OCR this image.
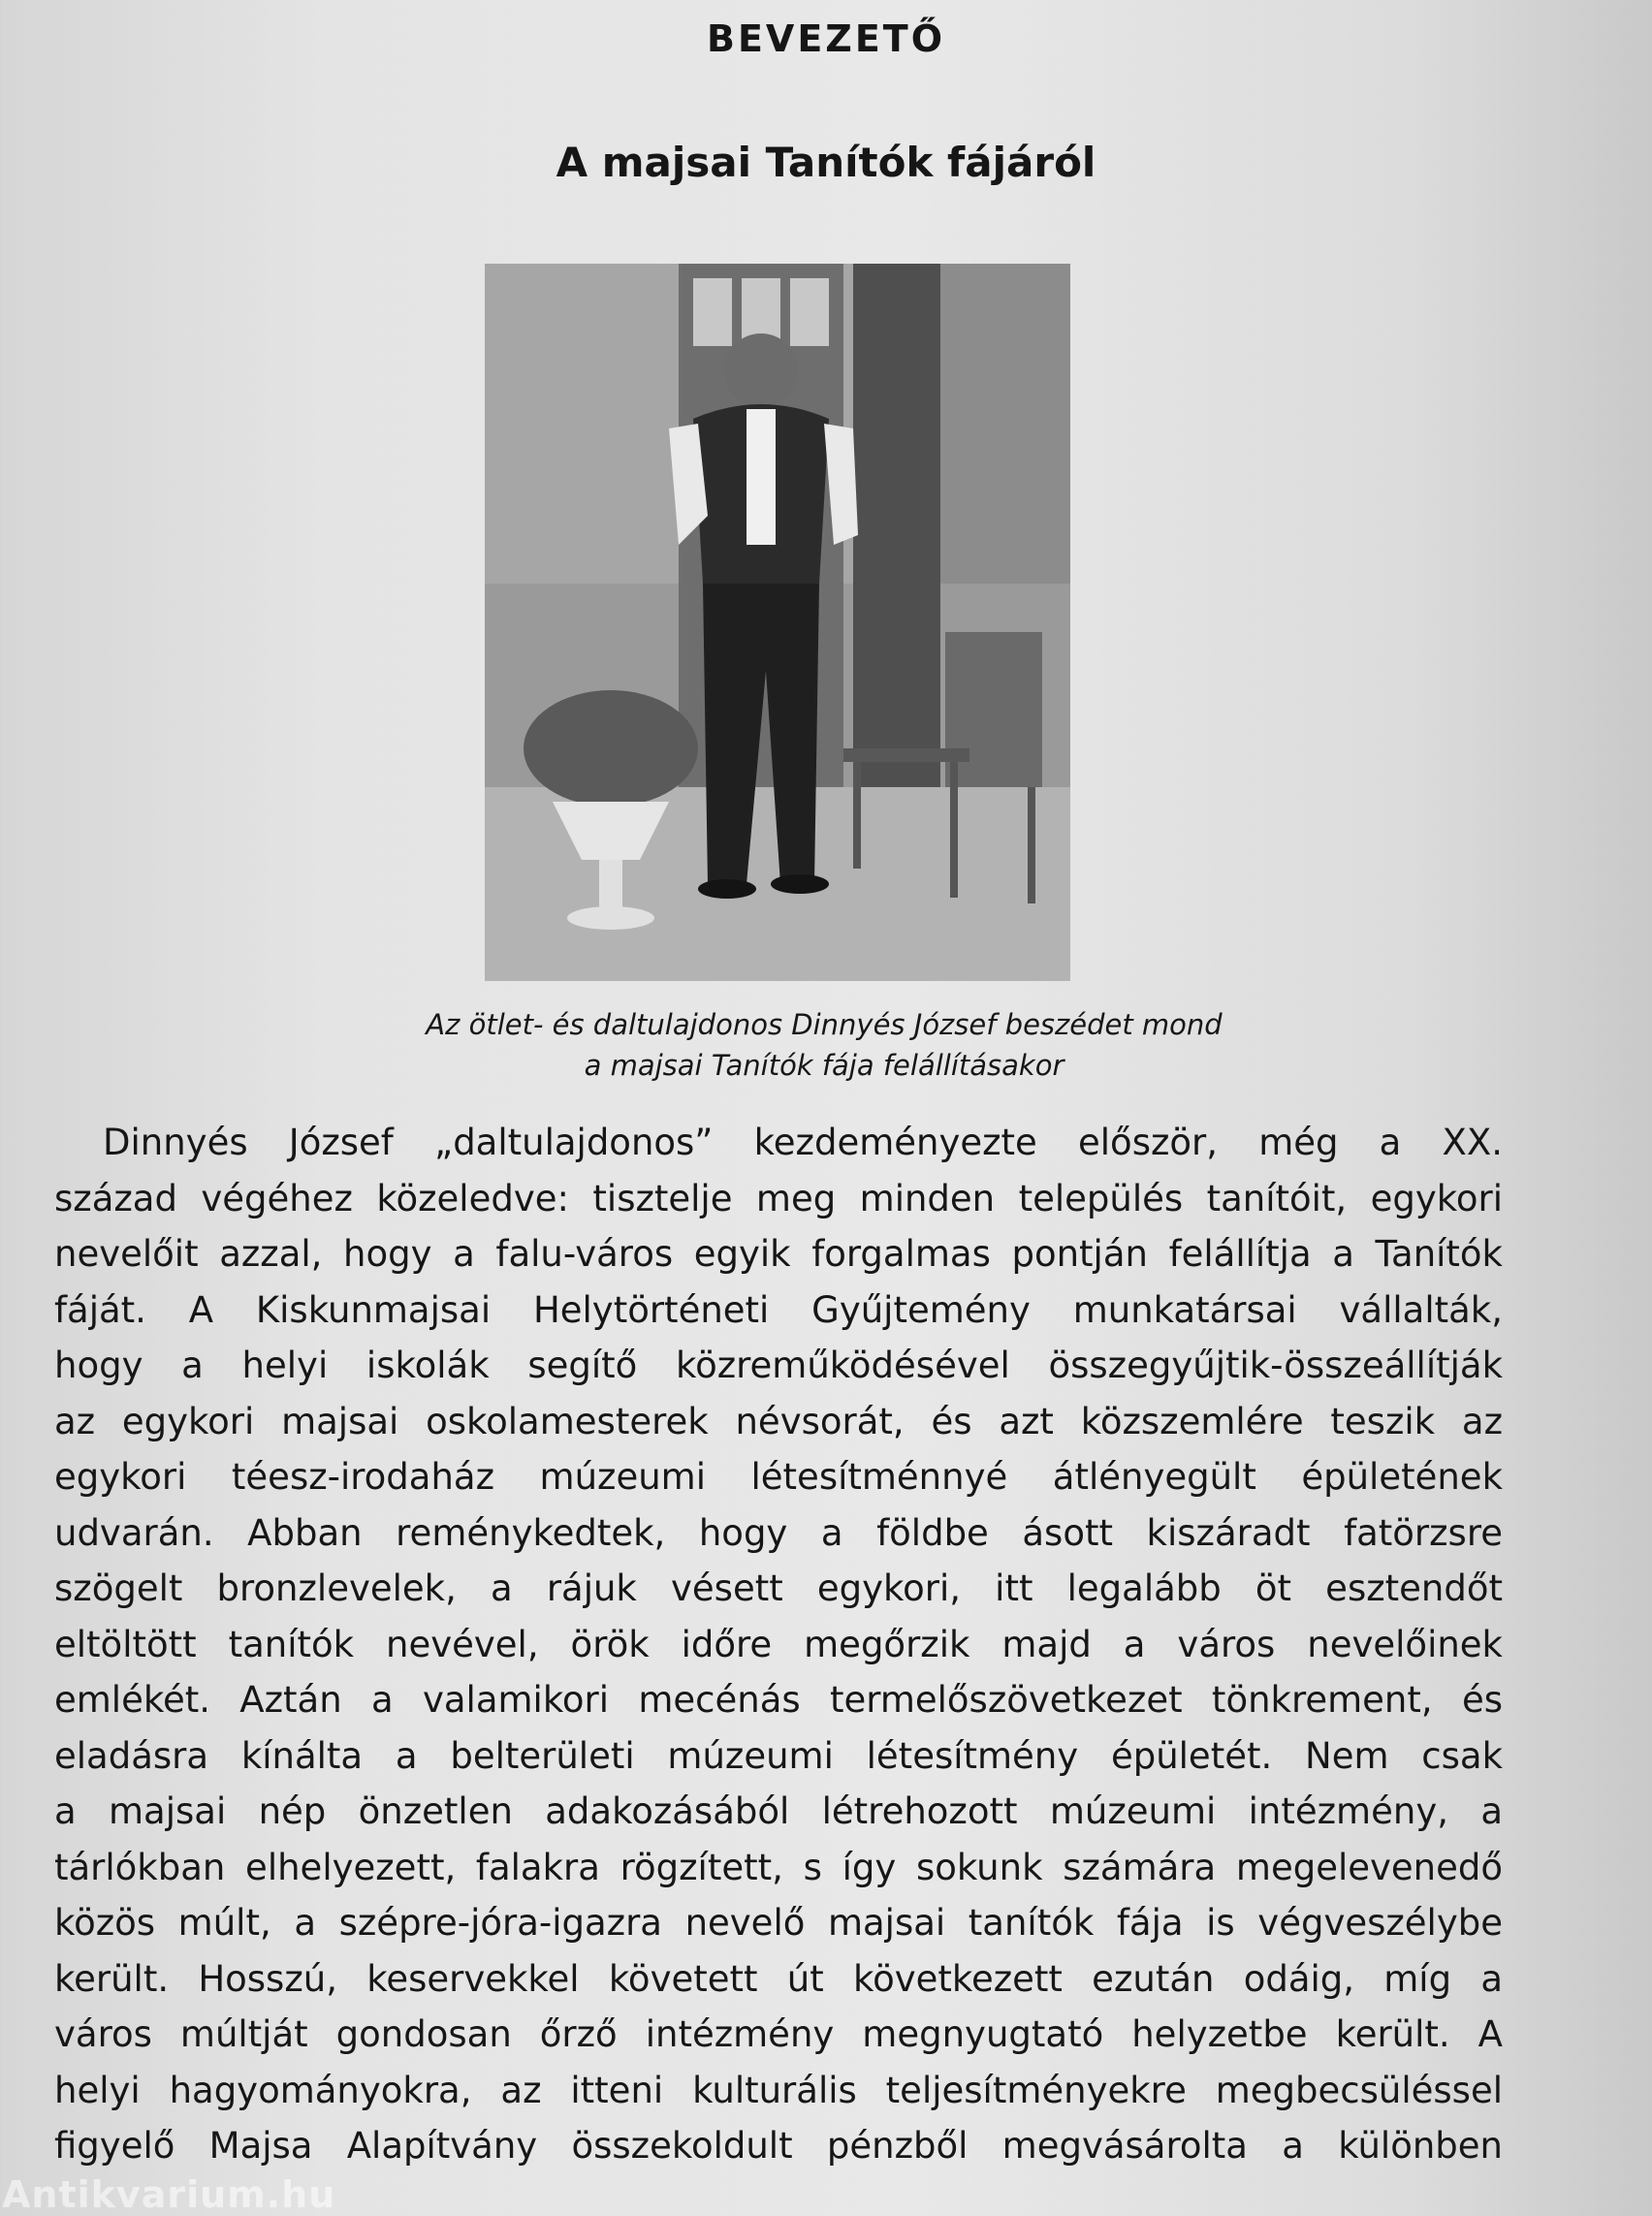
BEVEZETŐ
A majsai Tanítók fájáról
Az ötlet- és daltulajdonos Dinnyés József beszédet mond
a majsai Tanítók fája felállításakor
Dinnyés József „daltulajdonos” kezdeményezte először, még a XX.
század végéhez közeledve: tisztelje meg minden település tanítóit, egykori
nevelőit azzal, hogy a falu-város egyik forgalmas pontján felállítja a Tanítók
fáját. A Kiskunmajsai Helytörténeti Gyűjtemény munkatársai vállalták,
hogy a helyi iskolák segítő közreműködésével összegyűjtik-összeállítják
az egykori majsai oskolamesterek névsorát, és azt közszemlére teszik az
egykori téesz-irodaház múzeumi létesítménnyé átlényegült épületének
udvarán. Abban reménykedtek, hogy a földbe ásott kiszáradt fatörzsre
szögelt bronzlevelek, a rájuk vésett egykori, itt legalább öt esztendőt
eltöltött tanítók nevével, örök időre megőrzik majd a város nevelőinek
emlékét. Aztán a valamikori mecénás termelőszövetkezet tönkrement, és
eladásra kínálta a belterületi múzeumi létesítmény épületét. Nem csak
a majsai nép önzetlen adakozásából létrehozott múzeumi intézmény, a
tárlókban elhelyezett, falakra rögzített, s így sokunk számára megelevenedő
közös múlt, a szépre-jóra-igazra nevelő majsai tanítók fája is végveszélybe
került. Hosszú, keservekkel követett út következett ezután odáig, míg a
város múltját gondosan őrző intézmény megnyugtató helyzetbe került. A
helyi hagyományokra, az itteni kulturális teljesítményekre megbecsüléssel
figyelő Majsa Alapítvány összekoldult pénzből megvásárolta a különben
Antikvarium.hu
